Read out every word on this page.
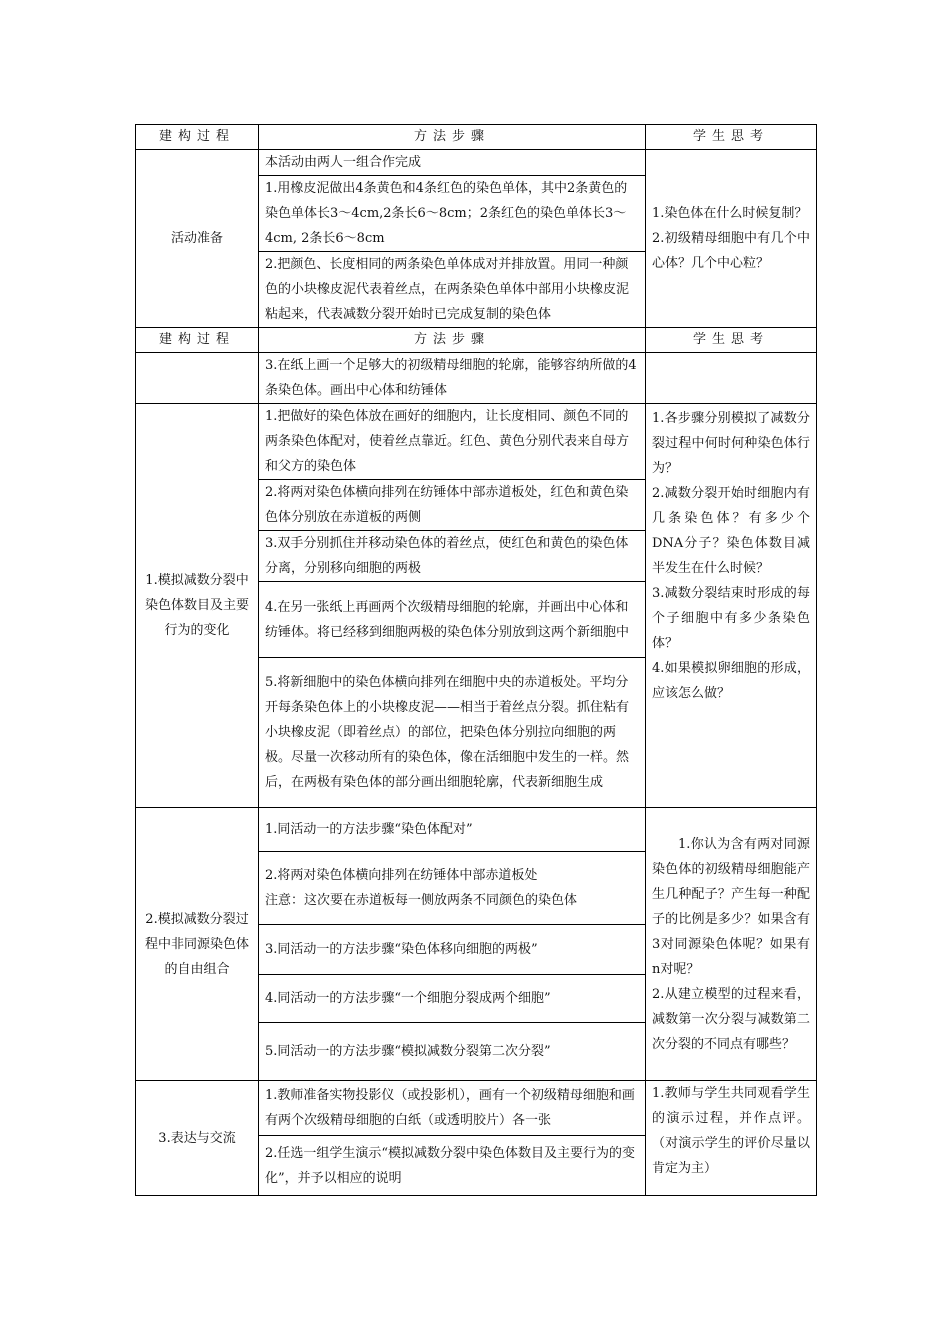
建构过程	方法步骤	学生思考
活动准备	本活动由两人一组合作完成	1.染色体在什么时候复制？
2.初级精母细胞中有几个中心体？几个中心粒？

	1.用橡皮泥做出4条黄色和4条红色的染色单体，其中2条黄色的染色单体长3～4cm,2条长6～8cm；2条红色的染色单体长3～4cm, 2条长6～8cm	
	2.把颜色、长度相同的两条染色单体成对并排放置。用同一种颜色的小块橡皮泥代表着丝点，在两条染色单体中部用小块橡皮泥粘起来，代表减数分裂开始时已完成复制的染色体	
建构过程	方法步骤	学生思考
	3.在纸上画一个足够大的初级精母细胞的轮廓，能够容纳所做的4条染色体。画出中心体和纺锤体	
1.模拟减数分裂中染色体数目及主要行为的变化	1.把做好的染色体放在画好的细胞内，让长度相同、颜色不同的两条染色体配对，使着丝点靠近。红色、黄色分别代表来自母方和父方的染色体	1.各步骤分别模拟了减数分裂过程中何时何种染色体行为？
2.减数分裂开始时细胞内有几条染色体？有多少个DNA分子？染色体数目减半发生在什么时候？
3.减数分裂结束时形成的每个子细胞中有多少条染色体？
4.如果模拟卵细胞的形成，应该怎么做？

	2.将两对染色体横向排列在纺锤体中部赤道板处，红色和黄色染色体分别放在赤道板的两侧	
	3.双手分别抓住并移动染色体的着丝点，使红色和黄色的染色体分离，分别移向细胞的两极	
	4.在另一张纸上再画两个次级精母细胞的轮廓，并画出中心体和纺锤体。将已经移到细胞两极的染色体分别放到这两个新细胞中	
	5.将新细胞中的染色体横向排列在细胞中央的赤道板处。平均分开每条染色体上的小块橡皮泥——相当于着丝点分裂。抓住粘有小块橡皮泥（即着丝点）的部位，把染色体分别拉向细胞的两极。尽量一次移动所有的染色体，像在活细胞中发生的一样。然后，在两极有染色体的部分画出细胞轮廓，代表新细胞生成	
2.模拟减数分裂过程中非同源染色体的自由组合	1.同活动一的方法步骤“染色体配对”	1.你认为含有两对同源染色体的初级精母细胞能产生几种配子？产生每一种配子的比例是多少？如果含有3对同源染色体呢？如果有n对呢？
2.从建立模型的过程来看，减数第一次分裂与减数第二次分裂的不同点有哪些？

	2.将两对染色体横向排列在纺锤体中部赤道板处
注意：这次要在赤道板每一侧放两条不同颜色的染色体	

	3.同活动一的方法步骤“染色体移向细胞的两极”	
	4.同活动一的方法步骤“一个细胞分裂成两个细胞”	
	5.同活动一的方法步骤“模拟减数分裂第二次分裂”	
3.表达与交流	1.教师准备实物投影仪（或投影机），画有一个初级精母细胞和画有两个次级精母细胞的白纸（或透明胶片）各一张	1.教师与学生共同观看学生的演示过程，并作点评。（对演示学生的评价尽量以肯定为主）

	2.任选一组学生演示“模拟减数分裂中染色体数目及主要行为的变化”，并予以相应的说明	
